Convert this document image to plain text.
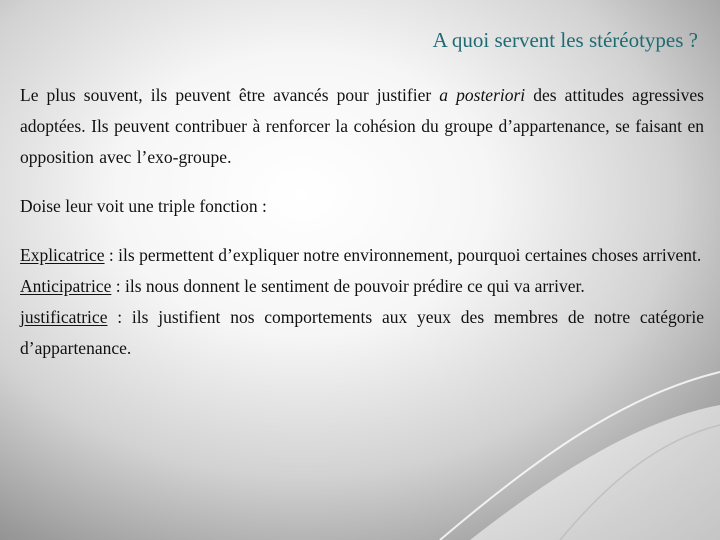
A quoi servent les stéréotypes ?

Le plus souvent, ils peuvent être avancés pour justifier a posteriori des attitudes agressives adoptées. Ils peuvent contribuer à renforcer la cohésion du groupe d’appartenance, se faisant en opposition avec l’exo-groupe.

Doise leur voit une triple fonction :

Explicatrice : ils permettent d’expliquer notre environnement, pourquoi certaines choses arrivent.

Anticipatrice : ils nous donnent le sentiment de pouvoir prédire ce qui va arriver.

justificatrice : ils justifient nos comportements aux yeux des membres de notre catégorie d’appartenance.
